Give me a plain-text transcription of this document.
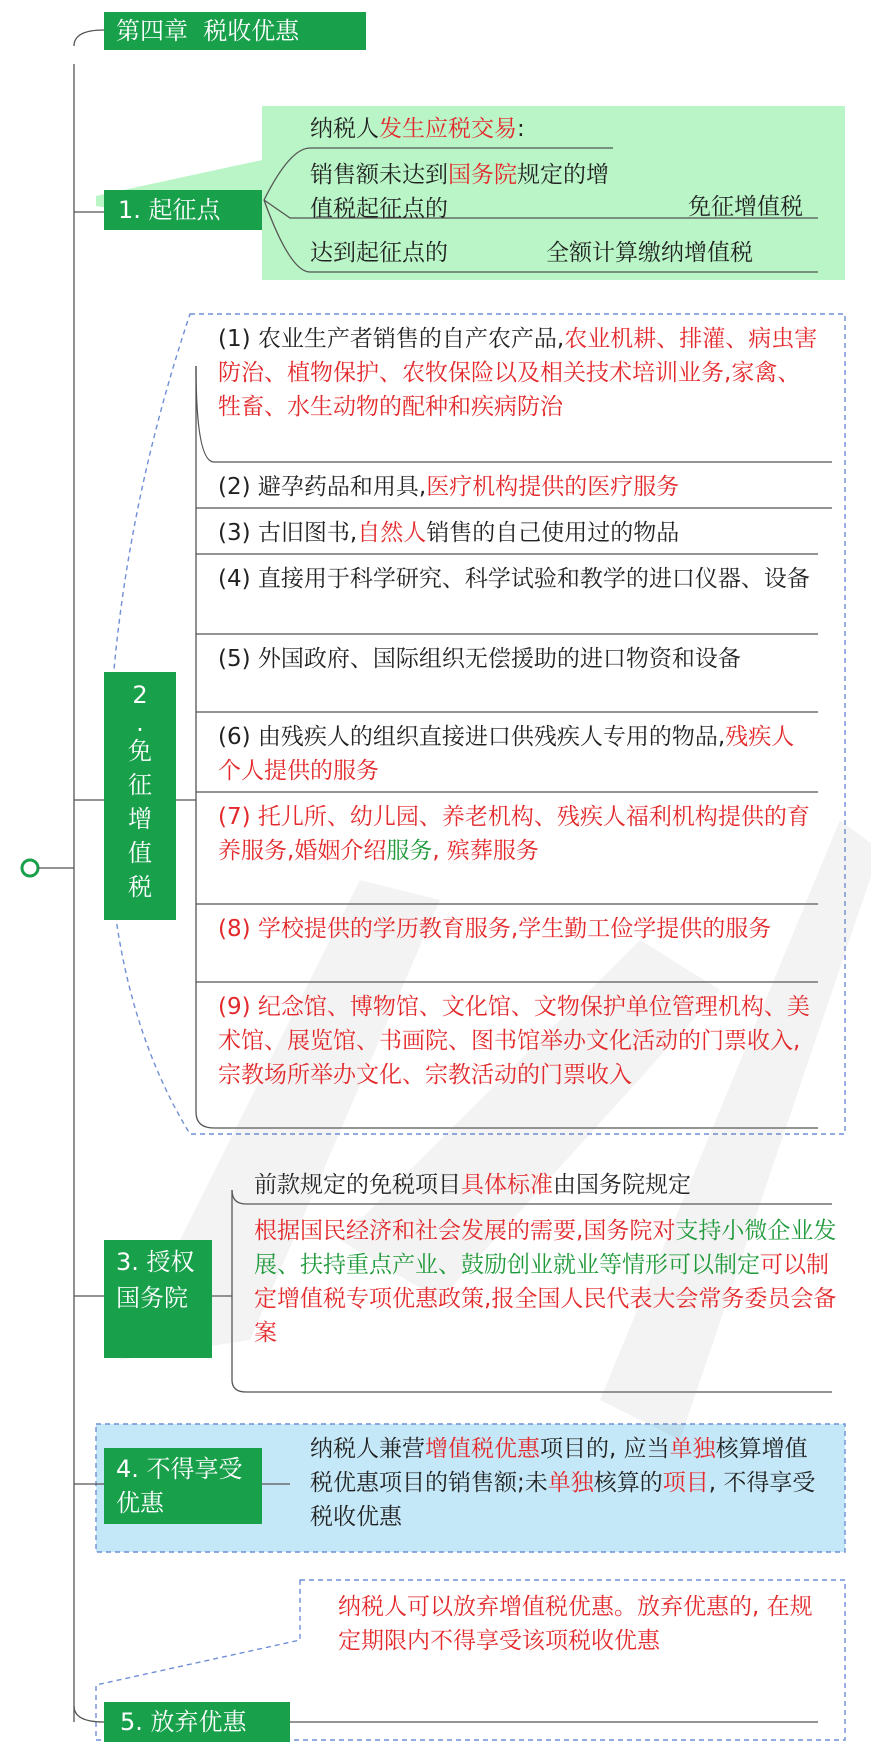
第四章  税收优惠
1. 起征点
纳税人发生应税交易:
销售额未达到国务院规定的增值税起征点的	免征增值税
达到起征点的	全额计算缴纳增值税
2
.
免
征
增
值
税
(1) 农业生产者销售的自产农产品,农业机耕、排灌、病虫害防治、植物保护、农牧保险以及相关技术培训业务,家禽、牲畜、水生动物的配种和疾病防治
(2) 避孕药品和用具,医疗机构提供的医疗服务
(3) 古旧图书,自然人销售的自己使用过的物品
(4) 直接用于科学研究、科学试验和教学的进口仪器、设备
(5) 外国政府、国际组织无偿援助的进口物资和设备
(6) 由残疾人的组织直接进口供残疾人专用的物品,残疾人个人提供的服务
(7) 托儿所、幼儿园、养老机构、残疾人福利机构提供的育养服务,婚姻介绍服务, 殡葬服务
(8) 学校提供的学历教育服务,学生勤工俭学提供的服务
(9) 纪念馆、博物馆、文化馆、文物保护单位管理机构、美术馆、展览馆、书画院、图书馆举办文化活动的门票收入,宗教场所举办文化、宗教活动的门票收入
3. 授权国务院
前款规定的免税项目具体标准由国务院规定
根据国民经济和社会发展的需要,国务院对支持小微企业发展、扶持重点产业、鼓励创业就业等情形可以制定可以制定增值税专项优惠政策,报全国人民代表大会常务委员会备案
4. 不得享受优惠
纳税人兼营增值税优惠项目的, 应当单独核算增值税优惠项目的销售额;未单独核算的项目, 不得享受税收优惠
5. 放弃优惠
纳税人可以放弃增值税优惠。放弃优惠的, 在规定期限内不得享受该项税收优惠
